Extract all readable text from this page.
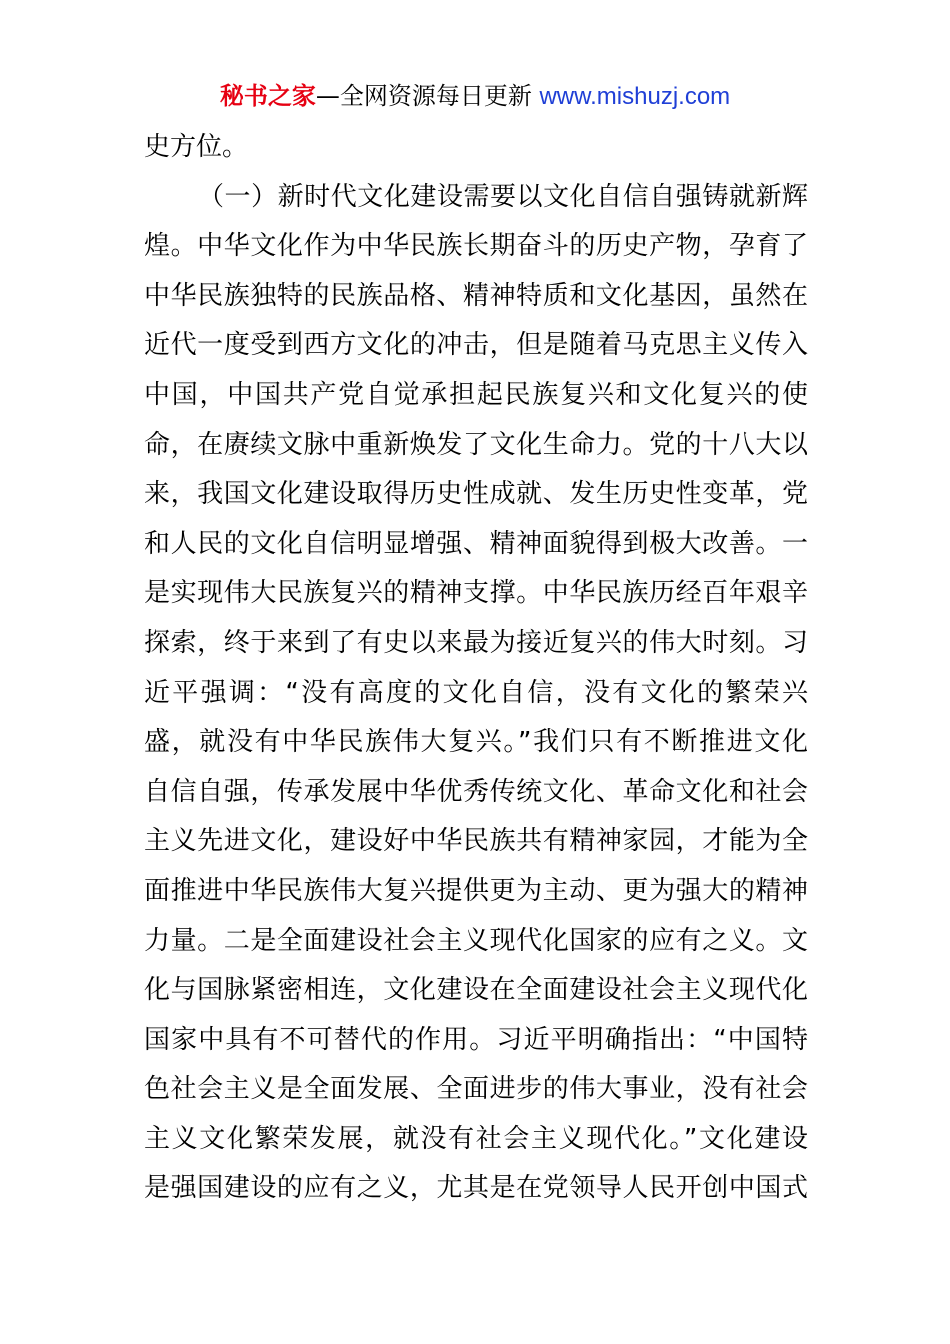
秘书之家—全网资源每日更新 www.mishuzj.com
史方位。
（一）新时代文化建设需要以文化自信自强铸就新辉
煌。中华文化作为中华民族长期奋斗的历史产物，孕育了
中华民族独特的民族品格、精神特质和文化基因，虽然在
近代一度受到西方文化的冲击，但是随着马克思主义传入
中国，中国共产党自觉承担起民族复兴和文化复兴的使
命，在赓续文脉中重新焕发了文化生命力。党的十八大以
来，我国文化建设取得历史性成就、发生历史性变革，党
和人民的文化自信明显增强、精神面貌得到极大改善。一
是实现伟大民族复兴的精神支撑。中华民族历经百年艰辛
探索，终于来到了有史以来最为接近复兴的伟大时刻。习
近平强调：“没有高度的文化自信，没有文化的繁荣兴
盛，就没有中华民族伟大复兴。”我们只有不断推进文化
自信自强，传承发展中华优秀传统文化、革命文化和社会
主义先进文化，建设好中华民族共有精神家园，才能为全
面推进中华民族伟大复兴提供更为主动、更为强大的精神
力量。二是全面建设社会主义现代化国家的应有之义。文
化与国脉紧密相连，文化建设在全面建设社会主义现代化
国家中具有不可替代的作用。习近平明确指出：“中国特
色社会主义是全面发展、全面进步的伟大事业，没有社会
主义文化繁荣发展，就没有社会主义现代化。”文化建设
是强国建设的应有之义，尤其是在党领导人民开创中国式
